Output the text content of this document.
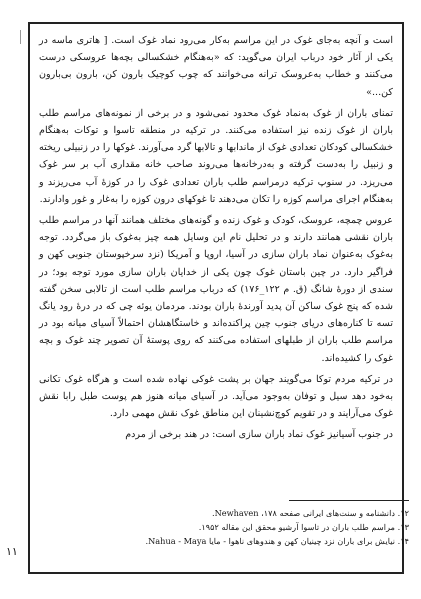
است و آنچه به‌جای غوک در این مراسم به‌کار می‌رود نماد غوک است. [ هاتری ماسه در یکی از آثار خود درباب ایران می‌گوید: که «به‌هنگام خشکسالی بچه‌ها عروسکی درست می‌کنند و خطاب به‌عروسک ترانه می‌خوانند که چوب کوچیک بارون کن، بارون بی‌بارون کن...»

تمنای باران از غوک به‌نماد غوک محدود نمی‌شود و در برخی از نمونه‌های مراسم طلب باران از غوک زنده نیز استفاده می‌کنند. در ترکیه در منطقه تاسوا و توکات به‌هنگام خشکسالی کودکان تعدادی غوک از ماندابها و تالابها گرد می‌آورند. غوکها را در زنبیلی ریخته و زنبیل را به‌دست گرفته و به‌درخانه‌ها می‌روند صاحب خانه مقداری آب بر سر غوک می‌ریزد. در سنوپ ترکیه درمراسم طلب باران تعدادی غوک را در کوزهٔ آب می‌ریزند و به‌هنگام اجرای مراسم کوزه را تکان می‌دهند تا غوکهای درون کوزه را به‌غار و غور وادارند.

عروس چمچه، عروسک، کودک و غوک زنده و گونه‌های مختلف همانند آنها در مراسم طلب باران نقشی همانند دارند و در تحلیل نام این وسایل همه چیز به‌غوک باز می‌گردد. توجه به‌غوک به‌عنوان نماد باران سازی در آسیا، اروپا و آمریکا (نزد سرخپوستان جنوبی کهن و فراگیر دارد. در چین باستان غوک چون یکی از خدایان باران سازی مورد توجه بود؛ در سندی از دورهٔ شانگ (ق. م ۱۲۲_۱۷۶) که درباب مراسم طلب است از تالابی سخن گفته شده که پنج غوک ساکن آن پدید آورندهٔ باران بودند. مردمان یوئه چی که در درهٔ رود یانگ تسه تا کناره‌های دریای جنوب چین پراکنده‌اند و خاستگاهشان احتمالاً آسیای میانه بود در مراسم طلب باران از طبلهای استفاده می‌کنند که روی پوستهٔ آن تصویر چند غوک و بچه غوک را کشیده‌اند.

در ترکیه مردم توکا می‌گویند جهان بر پشت غوکی نهاده شده است و هرگاه غوک تکانی به‌خود دهد سیل و توفان به‌وجود می‌آید. در آسیای میانه هنوز هم پوست طبل رابا نقش غوک می‌آرایند و در تقویم کوچ‌نشینان این مناطق غوک نقش مهمی دارد.

در جنوب آسیانیز غوک نماد باران سازی است: در هند برخی از مردم

۱۲. دانشنامه و سنت‌های ایرانی صفحه ۱۷۸، Newhaven.
۱۳. مراسم طلب باران در تاسوا آرشیو محقق این مقاله ۱۹۵۲.
۱۴. نیایش برای باران نزد چینیان کهن و هندوهای ناهوا - مایا Nahua - Maya.
۱۱
